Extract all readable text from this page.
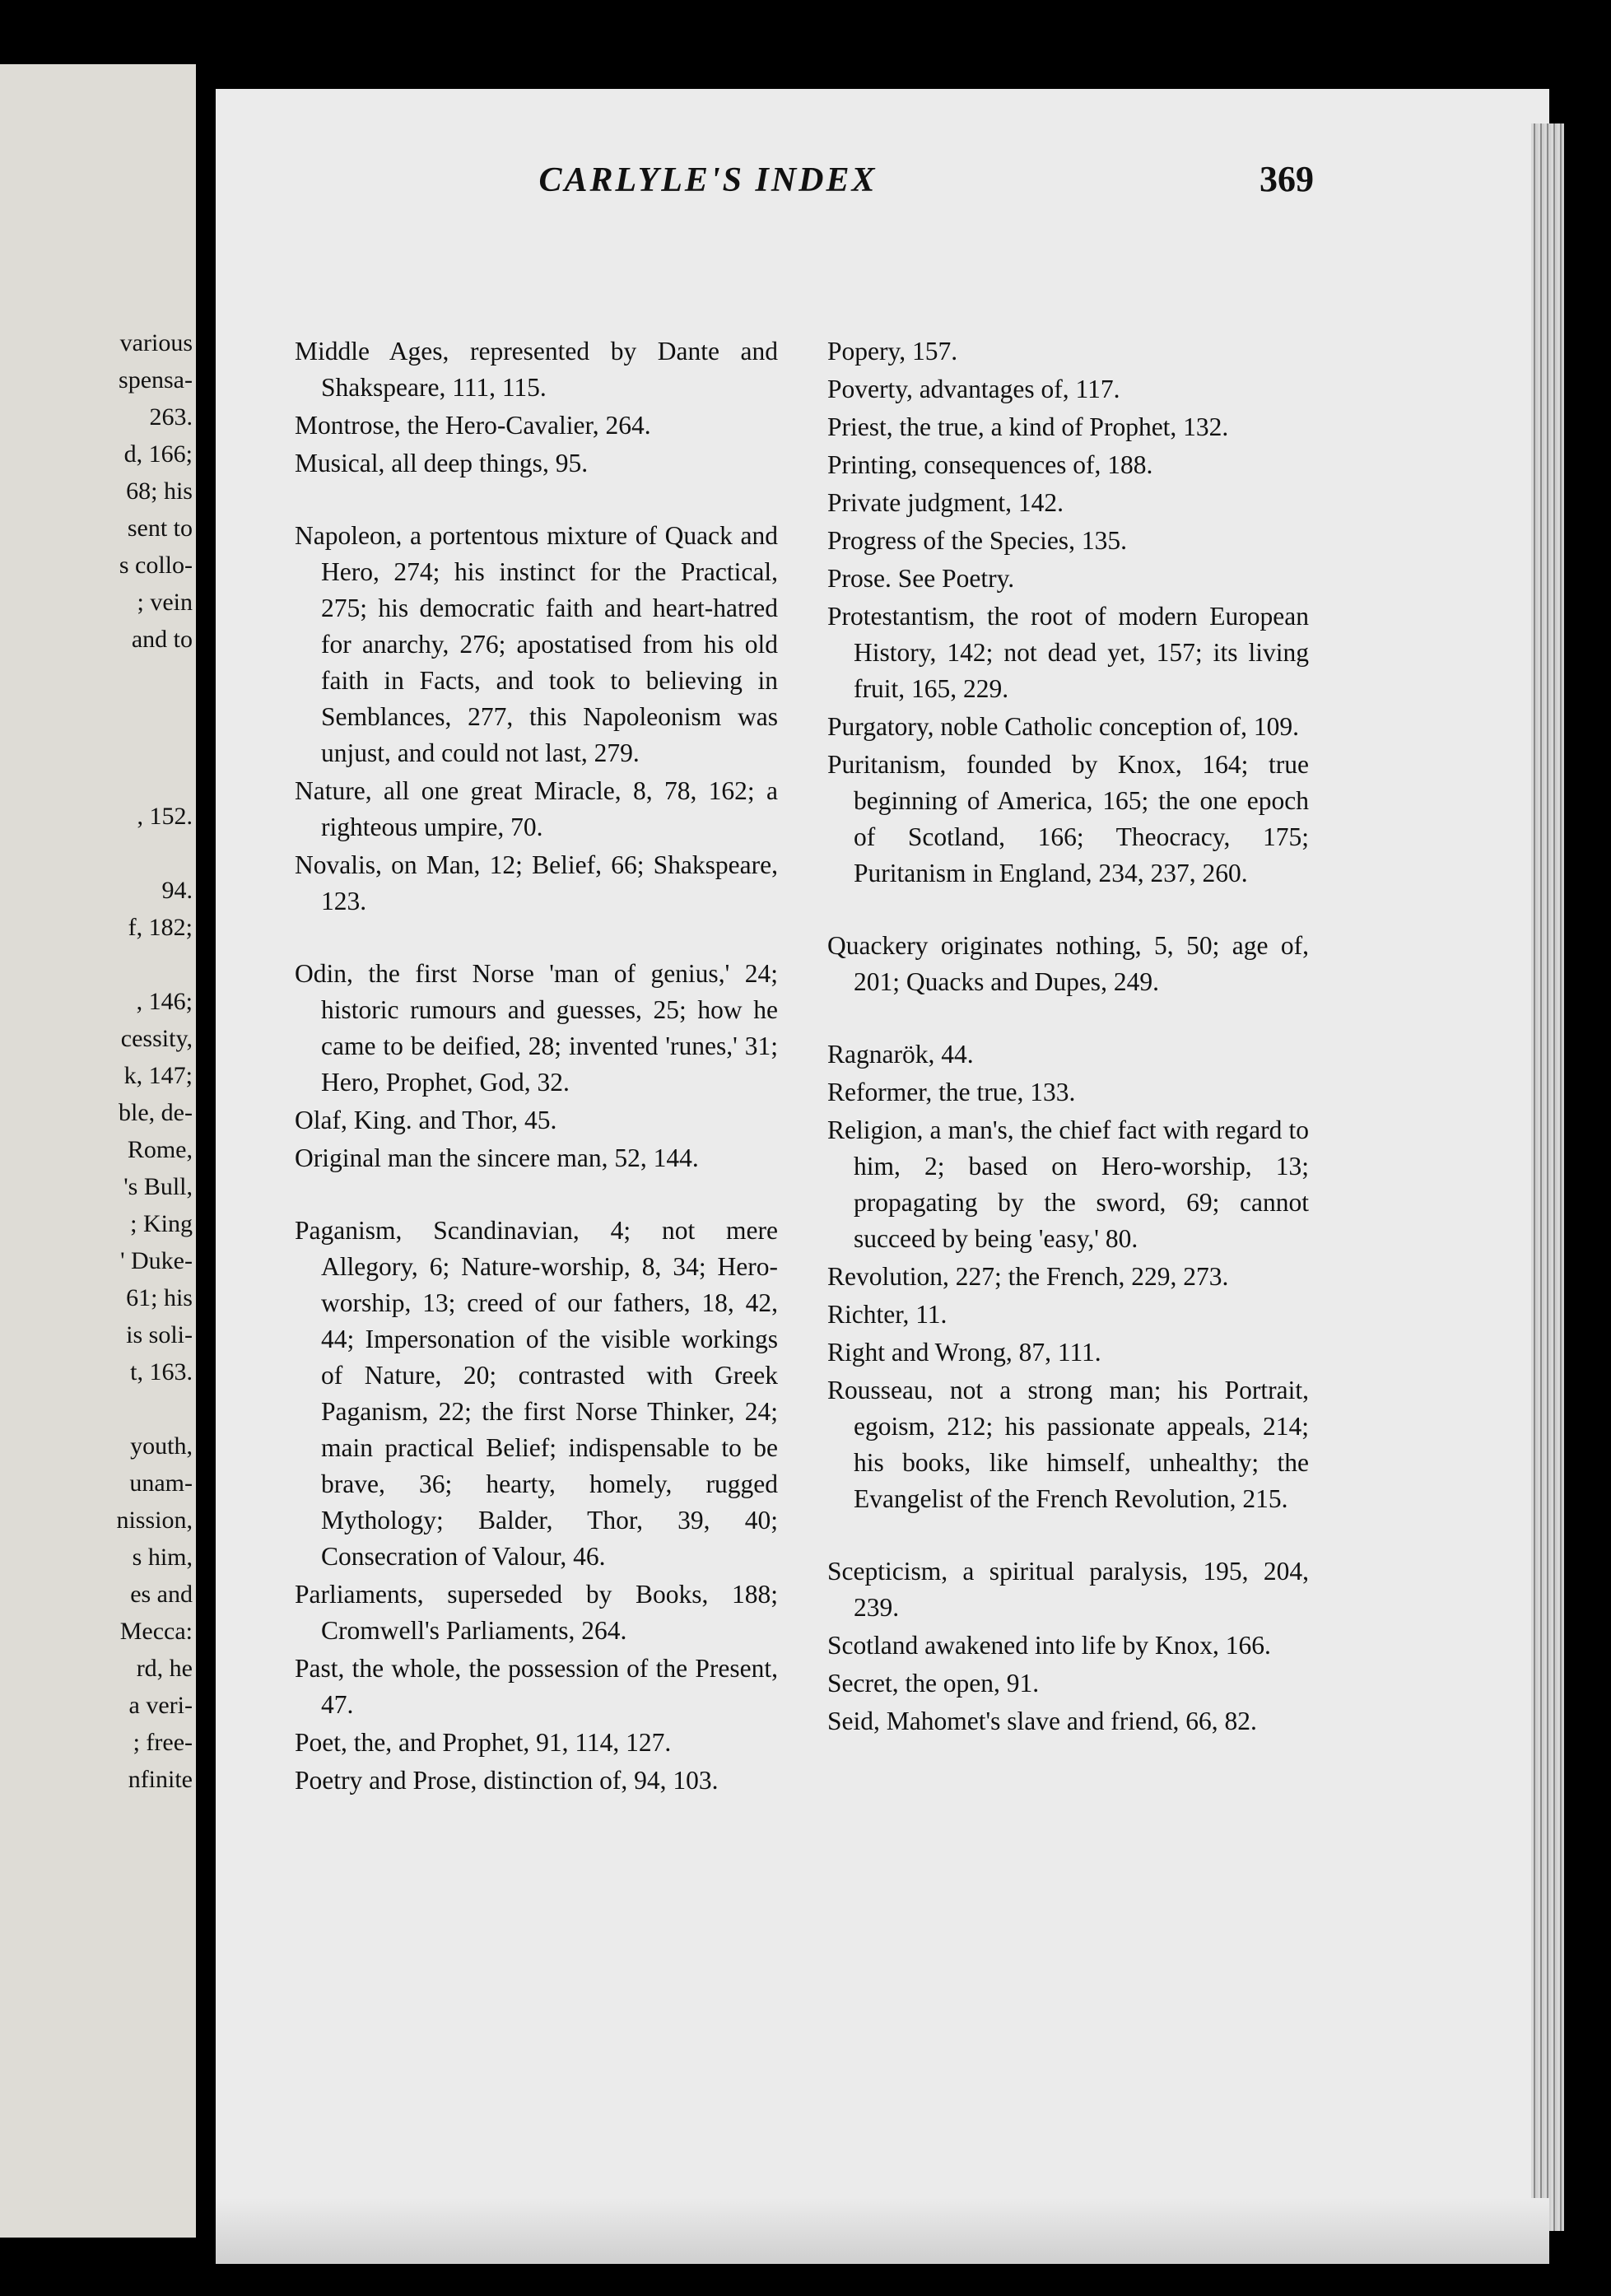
various
spensa-
263.
d, 166;
68; his
sent to
s collo-
; vein
and to
, 152.
94.
f, 182;
, 146;
cessity,
k, 147;
ble, de-
Rome,
's Bull,
; King
' Duke-
61; his
is soli-
t, 163.
youth,
unam-
nission,
s him,
es and
Mecca:
rd, he
a veri-
; free-
nfinite
CARLYLE'S INDEX	369
Middle Ages, represented by Dante and Shakspeare, 111, 115.
Montrose, the Hero-Cavalier, 264.
Musical, all deep things, 95.
Napoleon, a portentous mixture of Quack and Hero, 274; his instinct for the Practical, 275; his democratic faith and heart-hatred for anarchy, 276; apostatised from his old faith in Facts, and took to believing in Semblances, 277, this Napoleonism was unjust, and could not last, 279.
Nature, all one great Miracle, 8, 78, 162; a righteous umpire, 70.
Novalis, on Man, 12; Belief, 66; Shakspeare, 123.
Odin, the first Norse 'man of genius,' 24; historic rumours and guesses, 25; how he came to be deified, 28; invented 'runes,' 31; Hero, Prophet, God, 32.
Olaf, King. and Thor, 45.
Original man the sincere man, 52, 144.
Paganism, Scandinavian, 4; not mere Allegory, 6; Nature-worship, 8, 34; Hero-worship, 13; creed of our fathers, 18, 42, 44; Impersonation of the visible workings of Nature, 20; contrasted with Greek Paganism, 22; the first Norse Thinker, 24; main practical Belief; indispensable to be brave, 36; hearty, homely, rugged Mythology; Balder, Thor, 39, 40; Consecration of Valour, 46.
Parliaments, superseded by Books, 188; Cromwell's Parliaments, 264.
Past, the whole, the possession of the Present, 47.
Poet, the, and Prophet, 91, 114, 127.
Poetry and Prose, distinction of, 94, 103.
Popery, 157.
Poverty, advantages of, 117.
Priest, the true, a kind of Prophet, 132.
Printing, consequences of, 188.
Private judgment, 142.
Progress of the Species, 135.
Prose. See Poetry.
Protestantism, the root of modern European History, 142; not dead yet, 157; its living fruit, 165, 229.
Purgatory, noble Catholic conception of, 109.
Puritanism, founded by Knox, 164; true beginning of America, 165; the one epoch of Scotland, 166; Theocracy, 175; Puritanism in England, 234, 237, 260.
Quackery originates nothing, 5, 50; age of, 201; Quacks and Dupes, 249.
Ragnarök, 44.
Reformer, the true, 133.
Religion, a man's, the chief fact with regard to him, 2; based on Hero-worship, 13; propagating by the sword, 69; cannot succeed by being 'easy,' 80.
Revolution, 227; the French, 229, 273.
Richter, 11.
Right and Wrong, 87, 111.
Rousseau, not a strong man; his Portrait, egoism, 212; his passionate appeals, 214; his books, like himself, unhealthy; the Evangelist of the French Revolution, 215.
Scepticism, a spiritual paralysis, 195, 204, 239.
Scotland awakened into life by Knox, 166.
Secret, the open, 91.
Seid, Mahomet's slave and friend, 66, 82.
